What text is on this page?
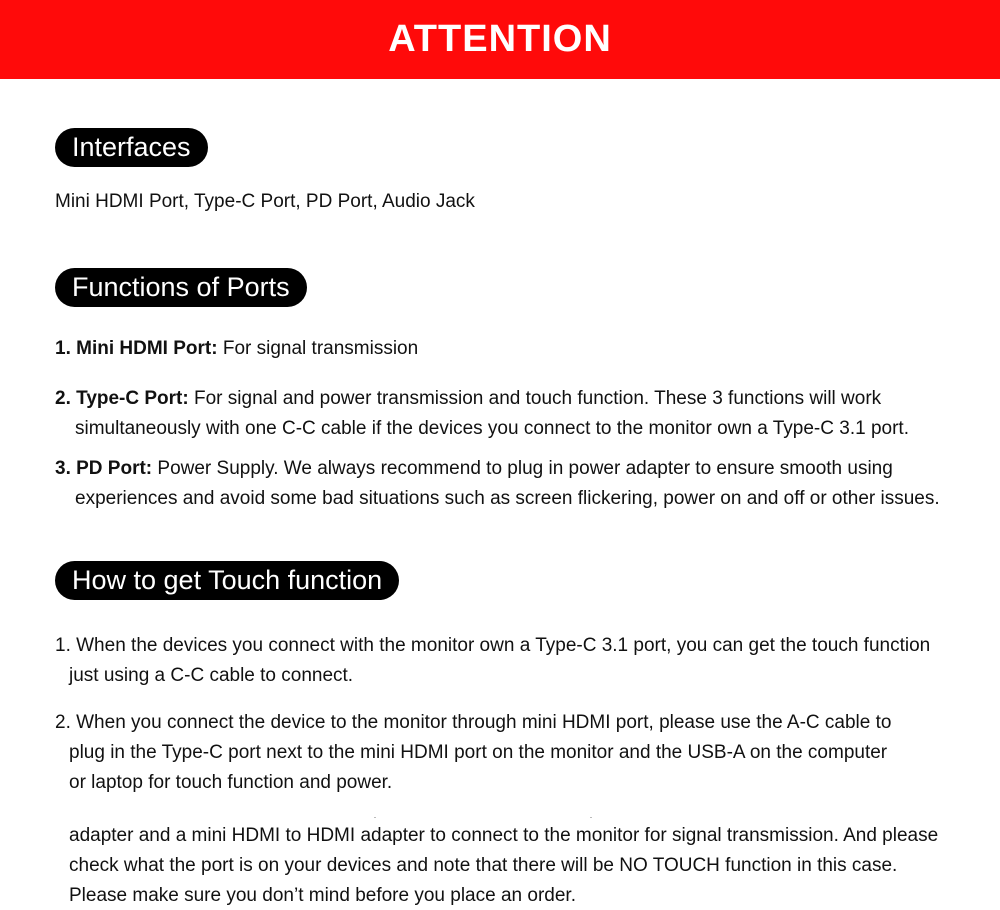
ATTENTION
Interfaces
Mini HDMI Port, Type-C Port, PD Port, Audio Jack
Functions of Ports
1. Mini HDMI Port: For signal transmission
2. Type-C Port: For signal and power transmission and touch function. These 3 functions will work
simultaneously with one C-C cable if the devices you connect to the monitor own a Type-C 3.1 port.
3. PD Port: Power Supply. We always recommend to plug in power adapter to ensure smooth using
experiences and avoid some bad situations such as screen flickering, power on and off or other issues.
How to get Touch function
1. When the devices you connect with the monitor own a Type-C 3.1 port, you can get the touch function
just using a C-C cable to connect.
2. When you connect the device to the monitor through mini HDMI port, please use the A-C cable to
plug in the Type-C port next to the mini HDMI port on the monitor and the USB-A on the computer
or laptop for touch function and power.
adapter and a mini HDMI to HDMI adapter to connect to the monitor for signal transmission. And please
check what the port is on your devices and note that there will be NO TOUCH function in this case.
Please make sure you don’t mind before you place an order.
